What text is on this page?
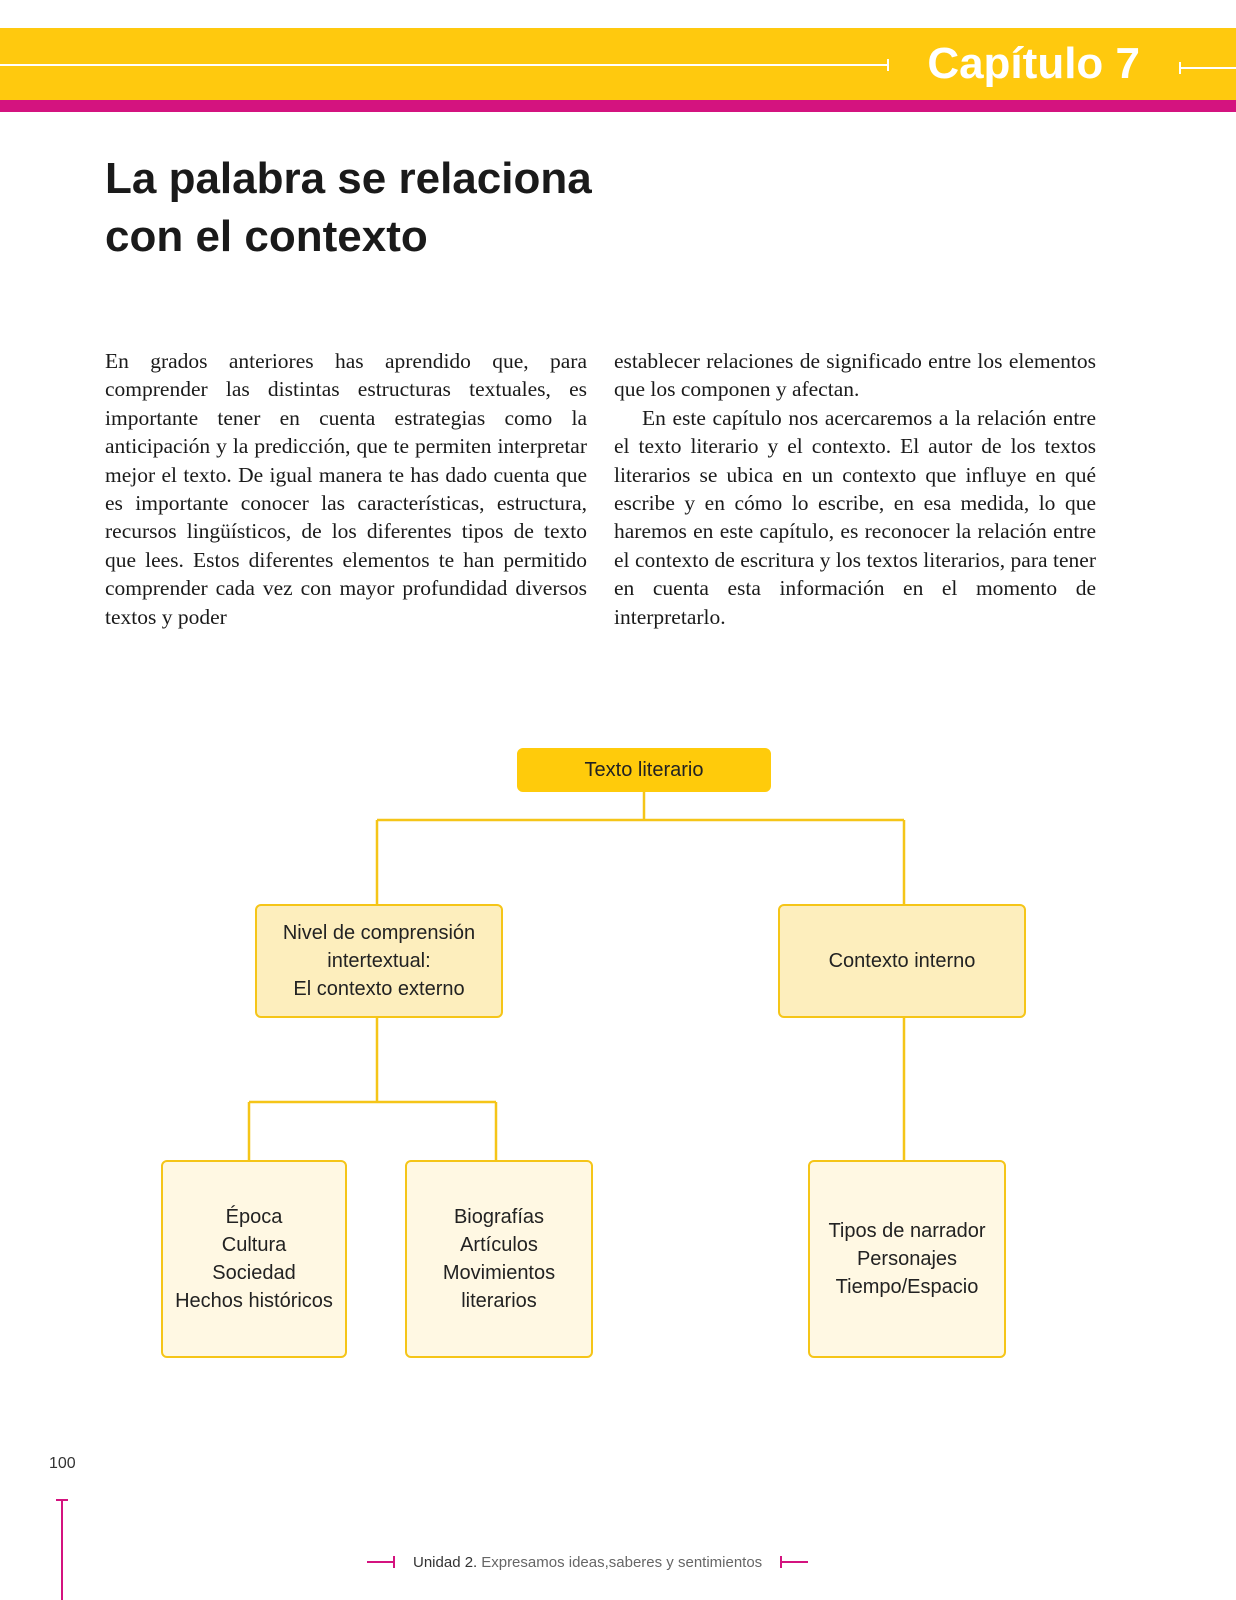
Capítulo 7
La palabra se relaciona
con el contexto

En grados anteriores has aprendido que, para comprender las distintas estructuras textuales, es importante tener en cuenta estrategias como la anticipación y la predicción, que te permiten interpretar mejor el texto. De igual manera te has dado cuenta que es importante conocer las características, estructura, recursos lingüísticos, de los diferentes tipos de texto que lees. Estos diferentes elementos te han permitido comprender cada vez con mayor profundidad diversos textos y poder

establecer relaciones de significado entre los elementos que los componen y afectan.

En este capítulo nos acercaremos a la relación entre el texto literario y el contexto. El autor de los textos literarios se ubica en un contexto que influye en qué escribe y en cómo lo escribe, en esa medida, lo que haremos en este capítulo, es reconocer la relación entre el contexto de escritura y los textos literarios, para tener en cuenta esta información en el momento de interpretarlo.

Texto literario
Nivel de comprensión
intertextual:
El contexto externo
Contexto interno
Época
Cultura
Sociedad
Hechos históricos
Biografías
Artículos
Movimientos
literarios
Tipos de narrador
Personajes
Tiempo/Espacio
100
Unidad 2. Expresamos ideas,saberes y sentimientos
